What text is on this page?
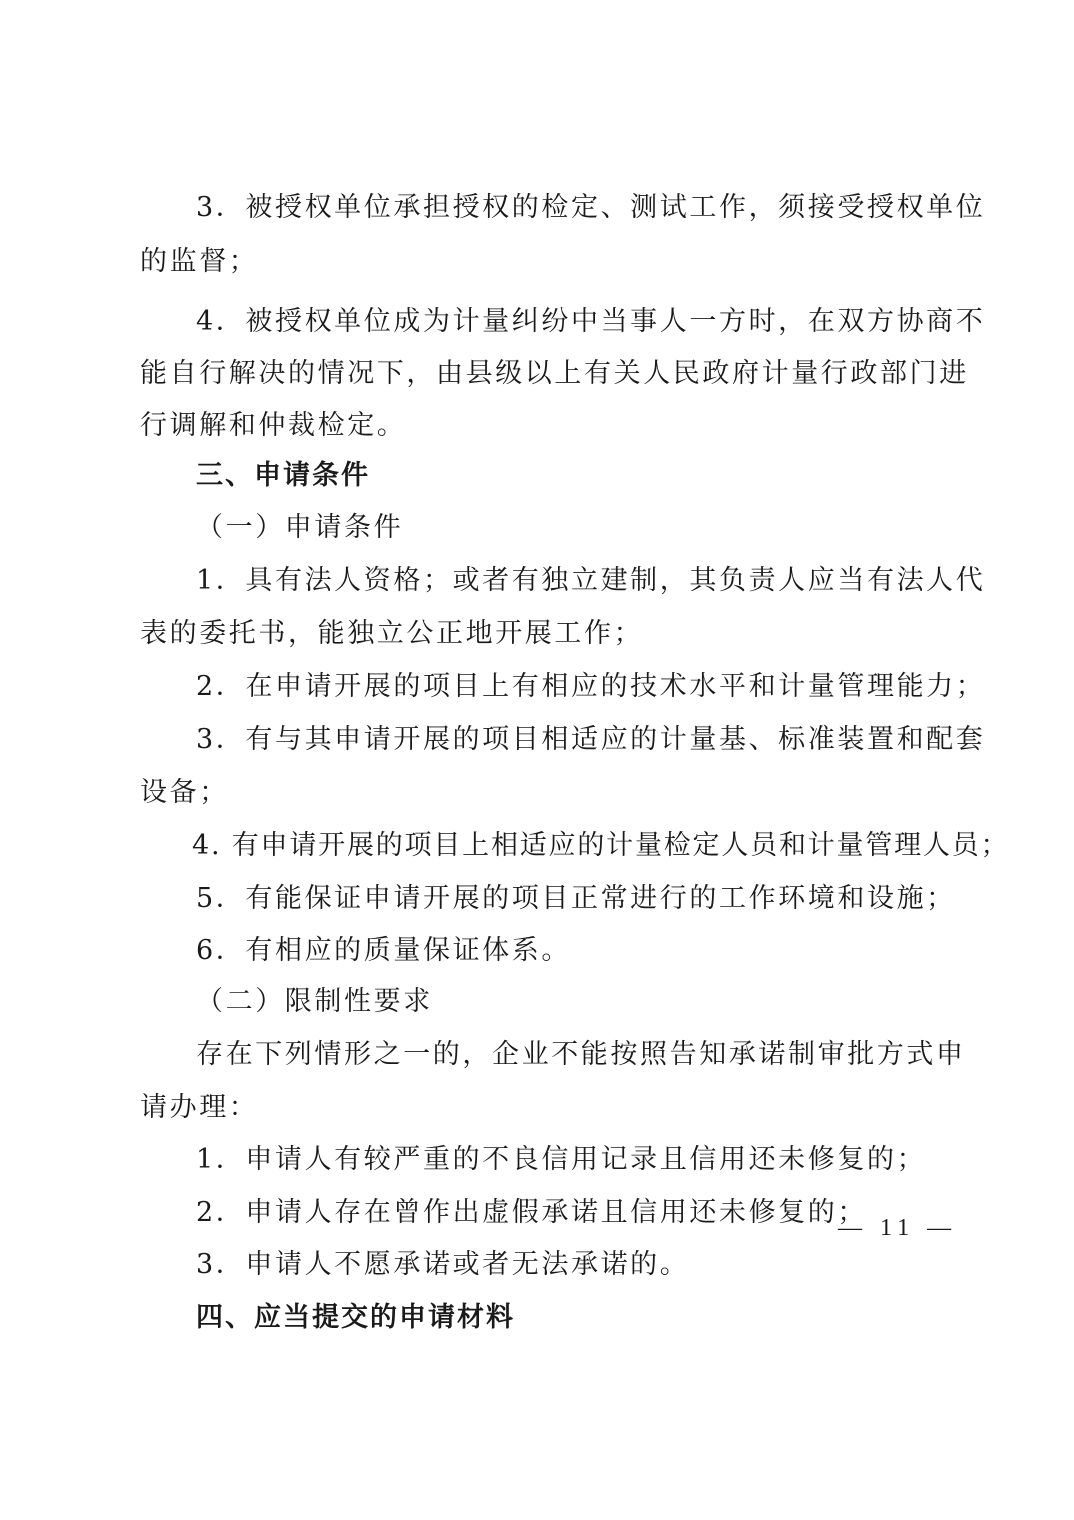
3．被授权单位承担授权的检定、测试工作，须接受授权单位
的监督；
4．被授权单位成为计量纠纷中当事人一方时，在双方协商不
能自行解决的情况下，由县级以上有关人民政府计量行政部门进
行调解和仲裁检定。
三、申请条件
（一）申请条件
1．具有法人资格；或者有独立建制，其负责人应当有法人代
表的委托书，能独立公正地开展工作；
2．在申请开展的项目上有相应的技术水平和计量管理能力；
3．有与其申请开展的项目相适应的计量基、标准装置和配套
设备；
4. 有申请开展的项目上相适应的计量检定人员和计量管理人员；
5．有能保证申请开展的项目正常进行的工作环境和设施；
6．有相应的质量保证体系。
（二）限制性要求
存在下列情形之一的，企业不能按照告知承诺制审批方式申
请办理：
1．申请人有较严重的不良信用记录且信用还未修复的；
2．申请人存在曾作出虚假承诺且信用还未修复的；
3．申请人不愿承诺或者无法承诺的。
四、应当提交的申请材料
— 11 —
